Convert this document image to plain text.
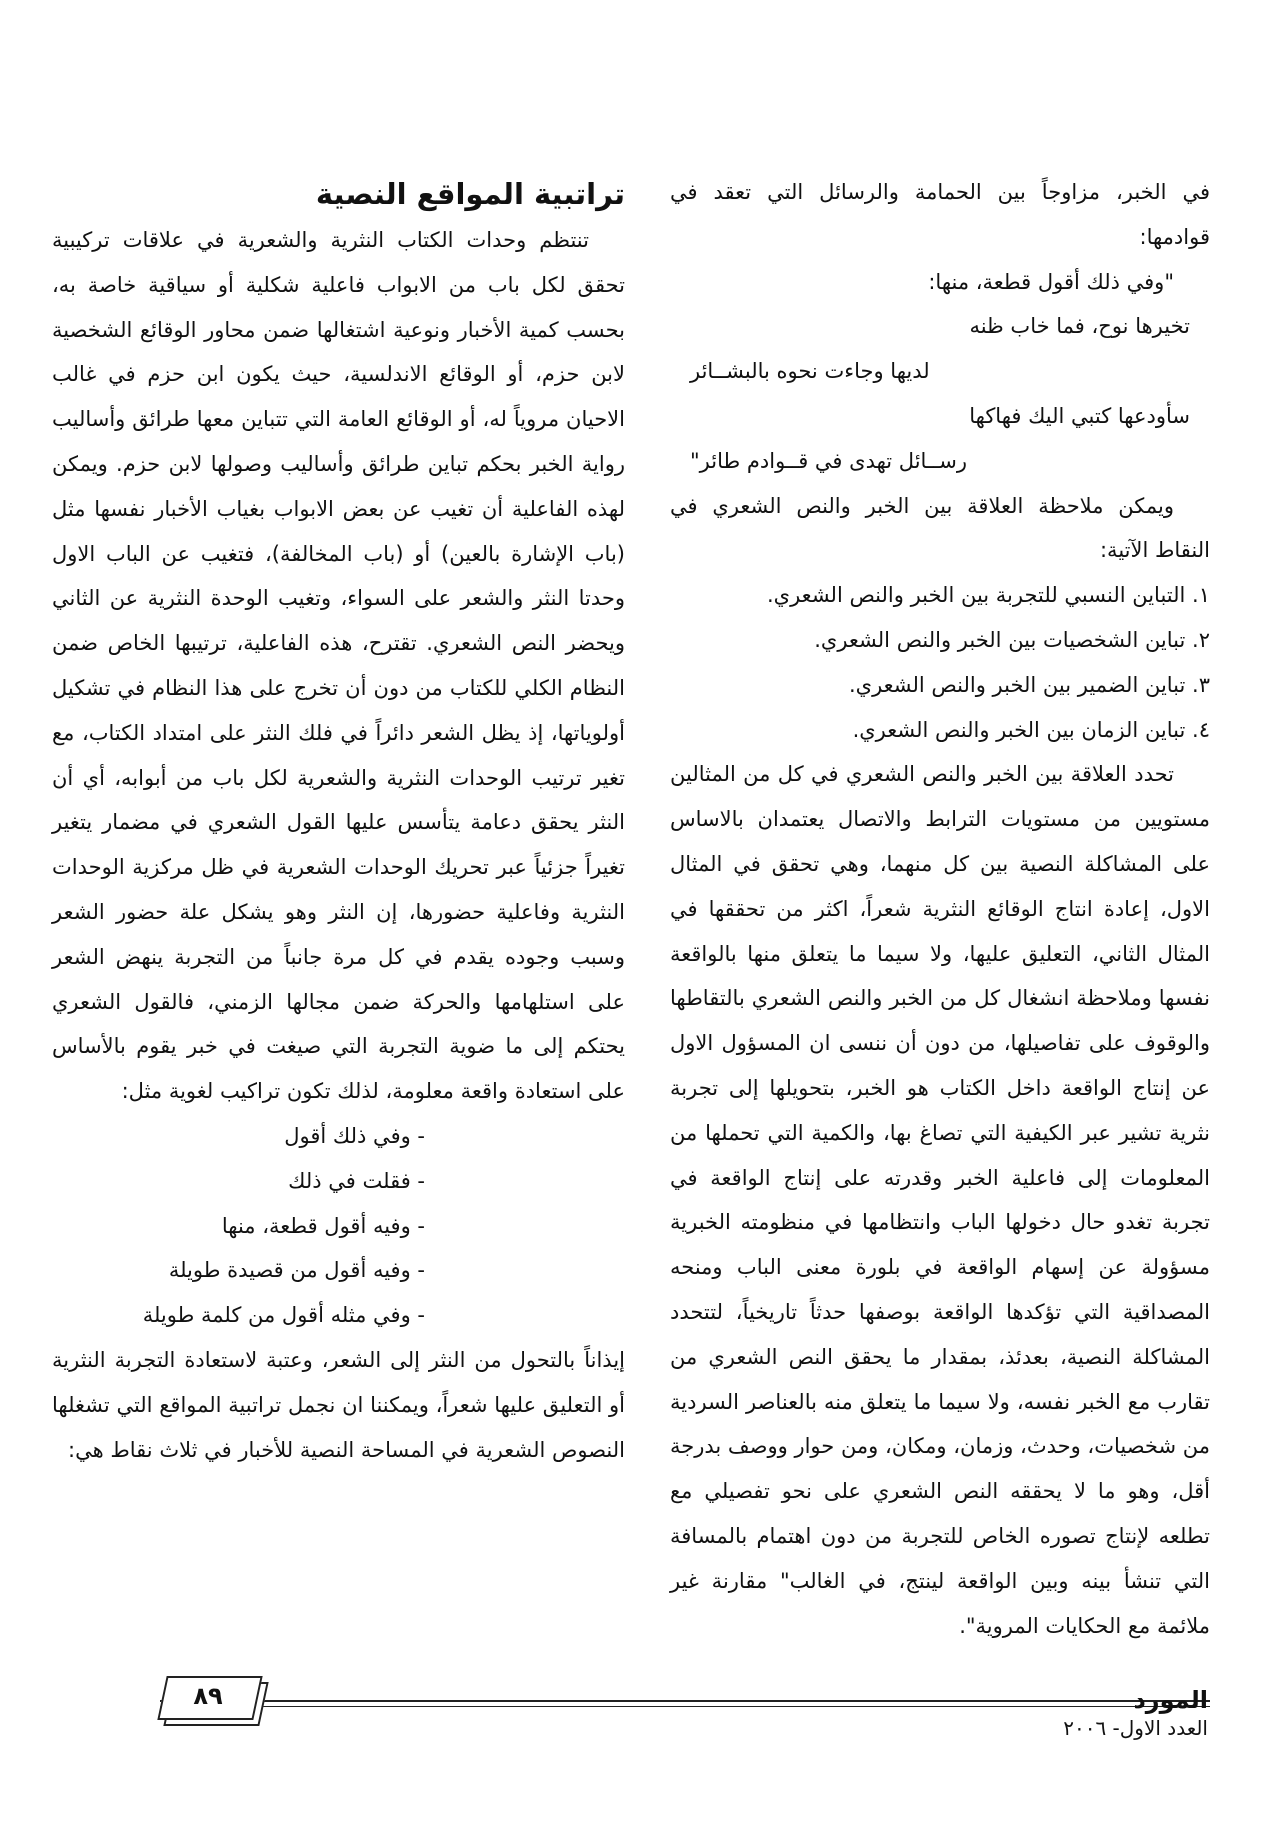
في الخبر، مزاوجاً بين الحمامة والرسائل التي تعقد في قوادمها:

"وفي ذلك أقول قطعة، منها:

تخيرها نوح، فما خاب ظنه

لديها وجاءت نحوه بالبشــائر

سأودعها كتبي اليك فهاكها

رســائل تهدى في قــوادم طائر"

ويمكن ملاحظة العلاقة بين الخبر والنص الشعري في النقاط الآتية:

١. التباين النسبي للتجربة بين الخبر والنص الشعري.

٢. تباين الشخصيات بين الخبر والنص الشعري.

٣. تباين الضمير بين الخبر والنص الشعري.

٤. تباين الزمان بين الخبر والنص الشعري.

تحدد العلاقة بين الخبر والنص الشعري في كل من المثالين مستويين من مستويات الترابط والاتصال يعتمدان بالاساس على المشاكلة النصية بين كل منهما، وهي تحقق في المثال الاول، إعادة انتاج الوقائع النثرية شعراً، اكثر من تحققها في المثال الثاني، التعليق عليها، ولا سيما ما يتعلق منها بالواقعة نفسها وملاحظة انشغال كل من الخبر والنص الشعري بالتقاطها والوقوف على تفاصيلها، من دون أن ننسى ان المسؤول الاول عن إنتاج الواقعة داخل الكتاب هو الخبر، بتحويلها إلى تجربة نثرية تشير عبر الكيفية التي تصاغ بها، والكمية التي تحملها من المعلومات إلى فاعلية الخبر وقدرته على إنتاج الواقعة في تجربة تغدو حال دخولها الباب وانتظامها في منظومته الخبرية مسؤولة عن إسهام الواقعة في بلورة معنى الباب ومنحه المصداقية التي تؤكدها الواقعة بوصفها حدثاً تاريخياً، لتتحدد المشاكلة النصية، بعدئذ، بمقدار ما يحقق النص الشعري من تقارب مع الخبر نفسه، ولا سيما ما يتعلق منه بالعناصر السردية من شخصيات، وحدث، وزمان، ومكان، ومن حوار ووصف بدرجة أقل، وهو ما لا يحققه النص الشعري على نحو تفصيلي مع تطلعه لإنتاج تصوره الخاص للتجربة من دون اهتمام بالمسافة التي تنشأ بينه وبين الواقعة لينتج، في الغالب" مقارنة غير ملائمة مع الحكايات المروية".

تراتبية المواقع النصية

تنتظم وحدات الكتاب النثرية والشعرية في علاقات تركيبية تحقق لكل باب من الابواب فاعلية شكلية أو سياقية خاصة به، بحسب كمية الأخبار ونوعية اشتغالها ضمن محاور الوقائع الشخصية لابن حزم، أو الوقائع الاندلسية، حيث يكون ابن حزم في غالب الاحيان مروياً له، أو الوقائع العامة التي تتباين معها طرائق وأساليب رواية الخبر بحكم تباين طرائق وأساليب وصولها لابن حزم. ويمكن لهذه الفاعلية أن تغيب عن بعض الابواب بغياب الأخبار نفسها مثل (باب الإشارة بالعين) أو (باب المخالفة)، فتغيب عن الباب الاول وحدتا النثر والشعر على السواء، وتغيب الوحدة النثرية عن الثاني ويحضر النص الشعري. تقترح، هذه الفاعلية، ترتيبها الخاص ضمن النظام الكلي للكتاب من دون أن تخرج على هذا النظام في تشكيل أولوياتها، إذ يظل الشعر دائراً في فلك النثر على امتداد الكتاب، مع تغير ترتيب الوحدات النثرية والشعرية لكل باب من أبوابه، أي أن النثر يحقق دعامة يتأسس عليها القول الشعري في مضمار يتغير تغيراً جزئياً عبر تحريك الوحدات الشعرية في ظل مركزية الوحدات النثرية وفاعلية حضورها، إن النثر وهو يشكل علة حضور الشعر وسبب وجوده يقدم في كل مرة جانباً من التجربة ينهض الشعر على استلهامها والحركة ضمن مجالها الزمني، فالقول الشعري يحتكم إلى ما ضوية التجربة التي صيغت في خبر يقوم بالأساس على استعادة واقعة معلومة، لذلك تكون تراكيب لغوية مثل:

- وفي ذلك أقول

- فقلت في ذلك

- وفيه أقول قطعة، منها

- وفيه أقول من قصيدة طويلة

- وفي مثله أقول من كلمة طويلة

إيذاناً بالتحول من النثر إلى الشعر، وعتبة لاستعادة التجربة النثرية أو التعليق عليها شعراً، ويمكننا ان نجمل تراتبية المواقع التي تشغلها النصوص الشعرية في المساحة النصية للأخبار في ثلاث نقاط هي:

٨٩	المورد
العدد الاول- ٢٠٠٦
